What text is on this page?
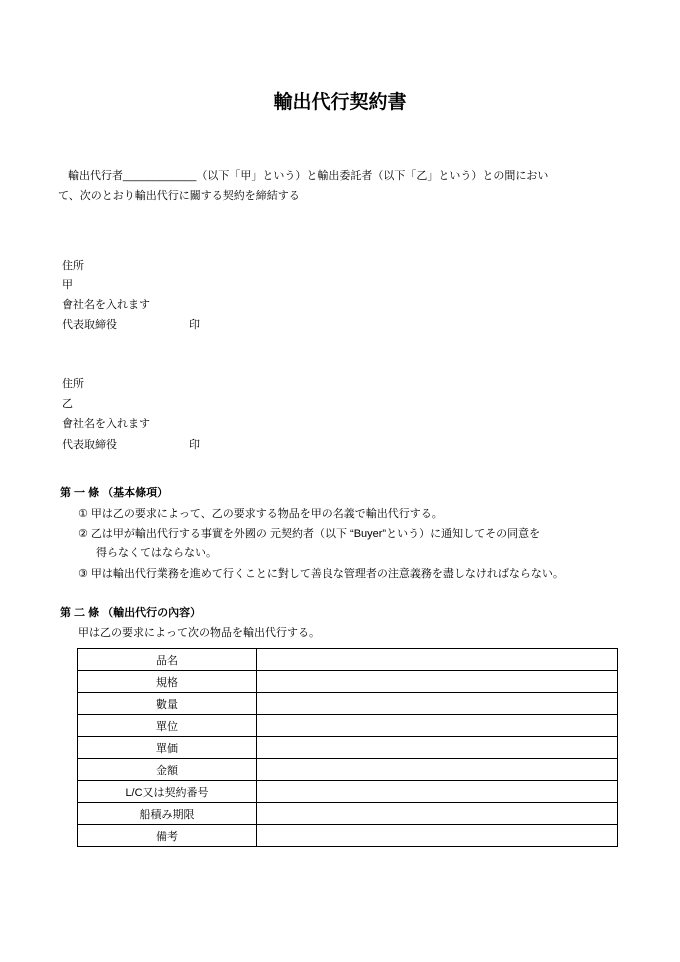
輸出代行契約書
輸出代行者____________（以下「甲」という）と輸出委託者（以下「乙」という）との間におい
て、次のとおり輸出代行に關する契約を締結する
住所
甲
會社名を入れます
代表取締役	印
住所
乙
會社名を入れます
代表取締役	印
第 一 條 （基本條項）
① 甲は乙の要求によって、乙の要求する物品を甲の名義で輸出代行する。
② 乙は甲が輸出代行する事實を外國の 元契約者（以下 “Buyer”という）に通知してその同意を
得らなくてはならない。
③ 甲は輸出代行業務を進めて行くことに對して善良な管理者の注意義務を盡しなければならない。
第 二 條 （輸出代行の內容）
甲は乙の要求によって次の物品を輸出代行する。
品名	
規格	
數量	
單位	
單価	
金額	
L/C又は契約番号	
船積み期限	
備考	
